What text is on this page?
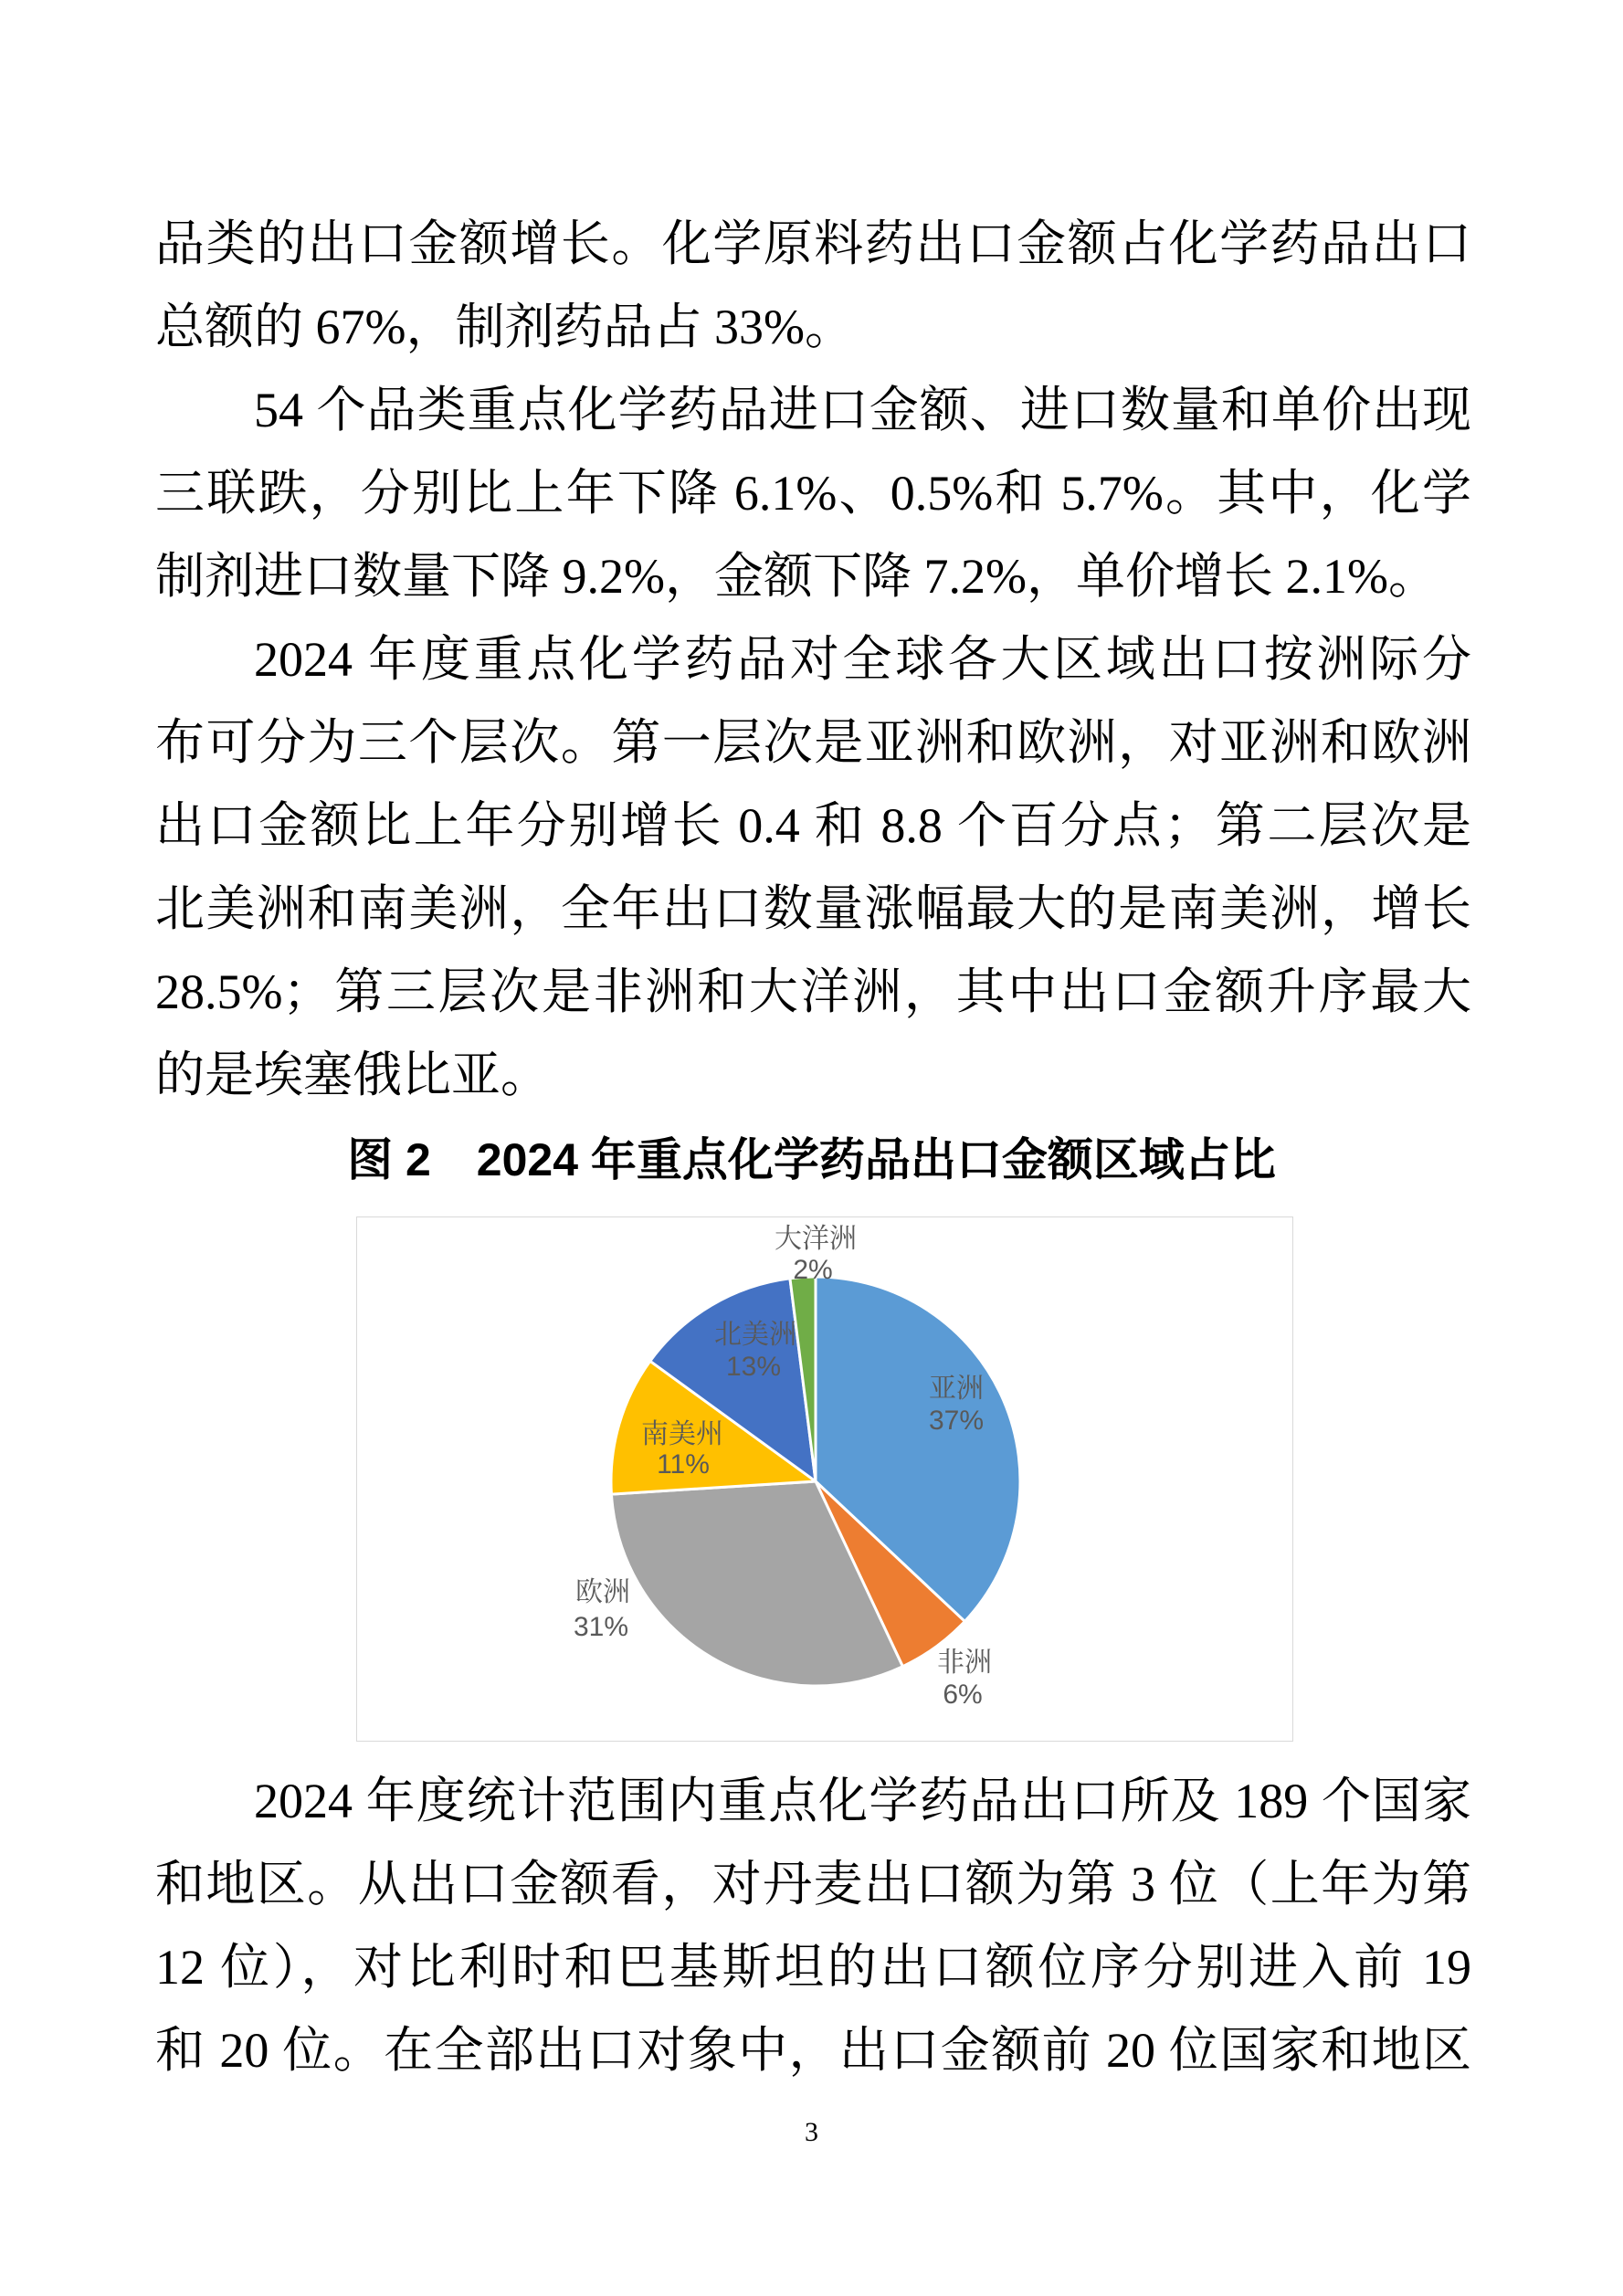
品类的出口金额增长。化学原料药出口金额占化学药品出口
总额的 67%，制剂药品占 33%。
54 个品类重点化学药品进口金额、进口数量和单价出现
三联跌，分别比上年下降 6.1%、0.5%和 5.7%。其中，化学
制剂进口数量下降 9.2%，金额下降 7.2%，单价增长 2.1%。
2024 年度重点化学药品对全球各大区域出口按洲际分
布可分为三个层次。第一层次是亚洲和欧洲，对亚洲和欧洲
出口金额比上年分别增长 0.4 和 8.8 个百分点；第二层次是
北美洲和南美洲，全年出口数量涨幅最大的是南美洲，增长
28.5%；第三层次是非洲和大洋洲，其中出口金额升序最大
的是埃塞俄比亚。
图 2　2024 年重点化学药品出口金额区域占比
亚洲
37%
非洲
6%
欧洲
31%
南美州
11%
北美洲
13%
大洋洲
2%
2024 年度统计范围内重点化学药品出口所及 189 个国家
和地区。从出口金额看，对丹麦出口额为第 3 位（上年为第
12 位），对比利时和巴基斯坦的出口额位序分别进入前 19
和 20 位。在全部出口对象中，出口金额前 20 位国家和地区
3
